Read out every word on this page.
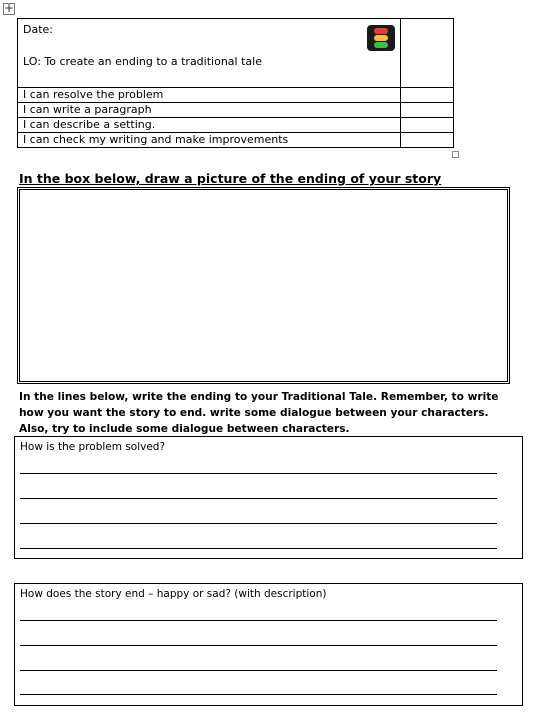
+
Date:
LO: To create an ending to a traditional tale	

I can resolve the problem	
I can write a paragraph	
I can describe a setting.	
I can check my writing and make improvements	
In the box below, draw a picture of the ending of your story
In the lines below, write the ending to your Traditional Tale. Remember, to write how you want the story to end. write some dialogue between your characters. Also, try to include some dialogue between characters.
How is the problem solved?
How does the story end – happy or sad? (with description)
